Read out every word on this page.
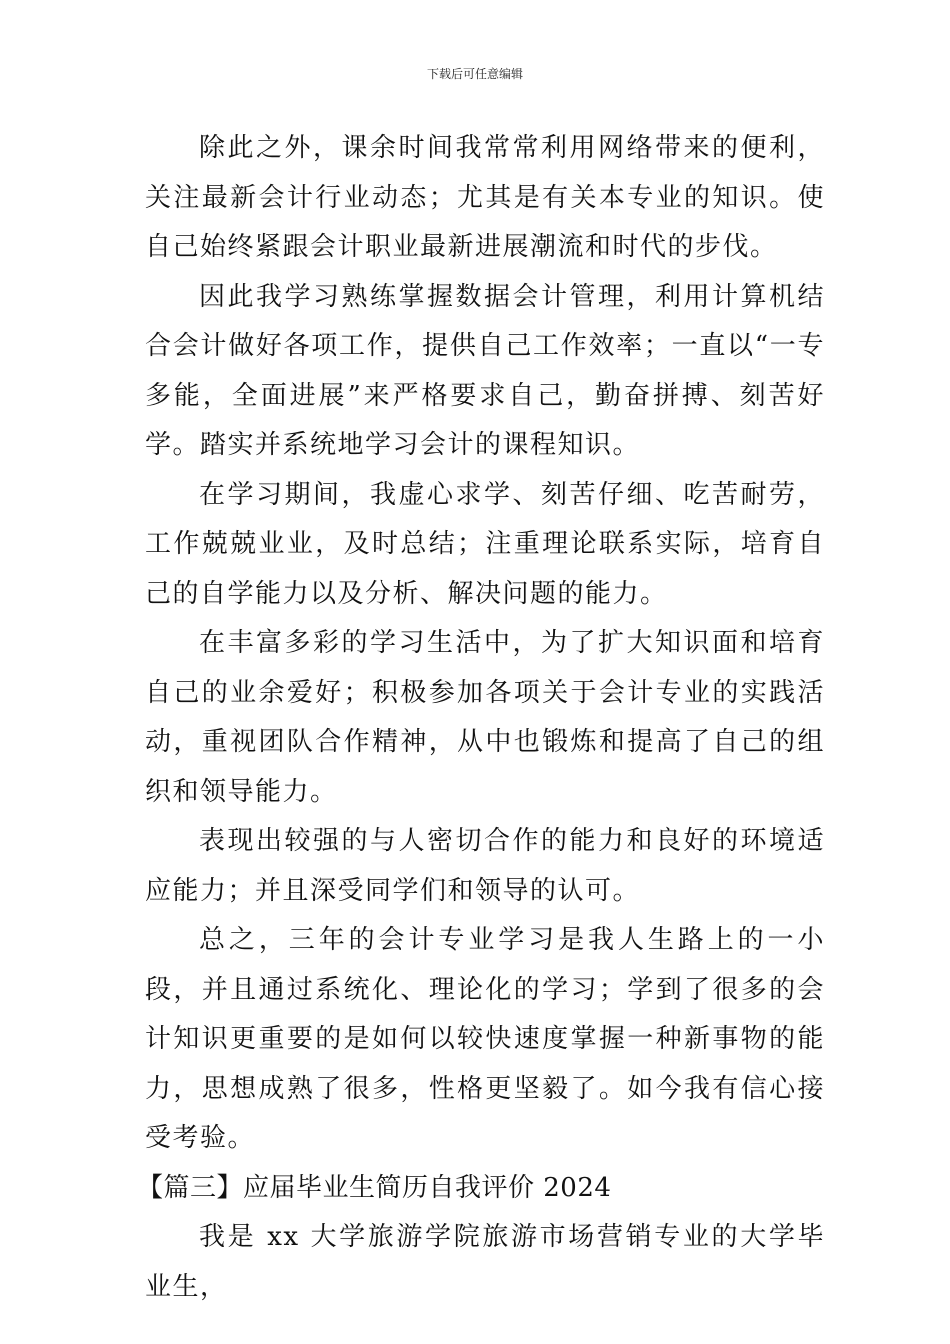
下载后可任意编辑

除此之外，课余时间我常常利用网络带来的便利，关注最新会计行业动态；尤其是有关本专业的知识。使自己始终紧跟会计职业最新进展潮流和时代的步伐。

因此我学习熟练掌握数据会计管理，利用计算机结合会计做好各项工作，提供自己工作效率；一直以“一专多能，全面进展”来严格要求自己，勤奋拼搏、刻苦好学。踏实并系统地学习会计的课程知识。

在学习期间，我虚心求学、刻苦仔细、吃苦耐劳，工作兢兢业业，及时总结；注重理论联系实际，培育自己的自学能力以及分析、解决问题的能力。

在丰富多彩的学习生活中，为了扩大知识面和培育自己的业余爱好；积极参加各项关于会计专业的实践活动，重视团队合作精神，从中也锻炼和提高了自己的组织和领导能力。

表现出较强的与人密切合作的能力和良好的环境适应能力；并且深受同学们和领导的认可。

总之，三年的会计专业学习是我人生路上的一小段，并且通过系统化、理论化的学习；学到了很多的会计知识更重要的是如何以较快速度掌握一种新事物的能力，思想成熟了很多，性格更坚毅了。如今我有信心接受考验。

【篇三】应届毕业生简历自我评价 2024

我是 xx 大学旅游学院旅游市场营销专业的大学毕业生，
